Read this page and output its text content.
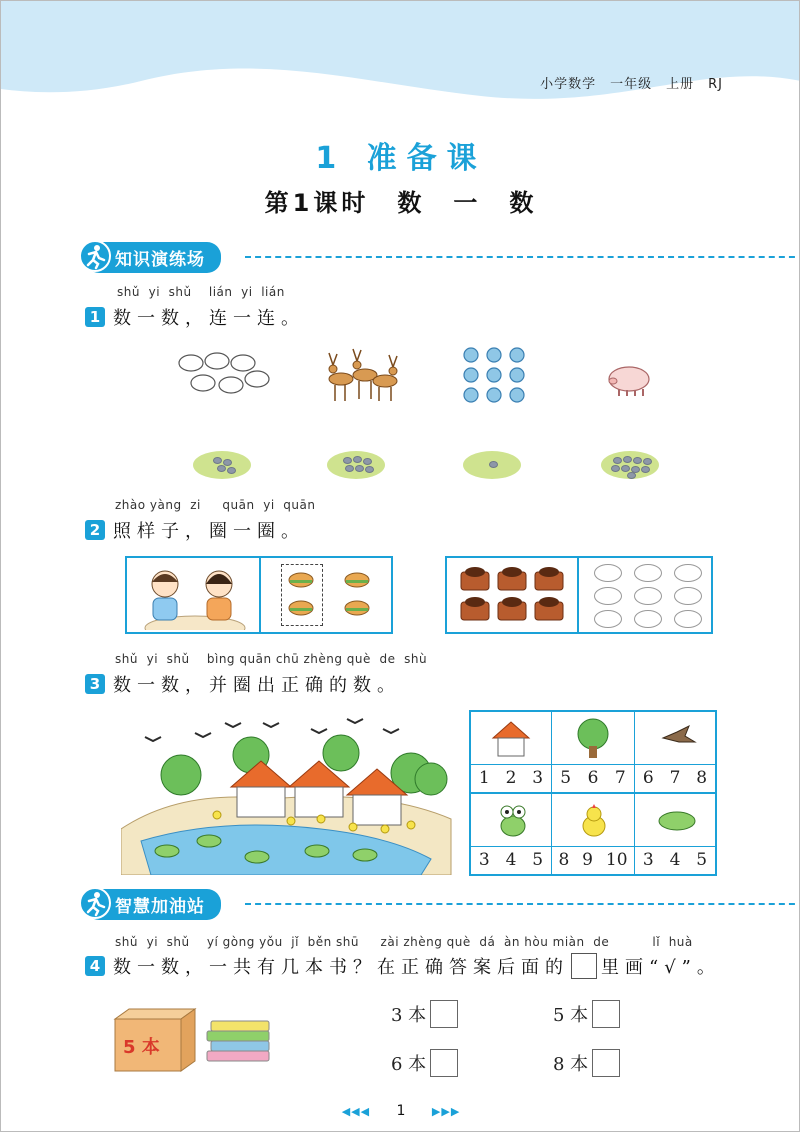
小学数学　一年级　上册　RJ
1 准备课
第1课时　数　一　数
知识演练场
shǔ  yi  shǔ    lián  yi  lián
1 数一数，连一连。
zhào yàng  zi     quān  yi  quān
2 照样子，圈一圈。
shǔ  yi  shǔ    bìng quān chū zhèng què  de  shù
3 数一数，并圈出正确的数。
1 2 3 5 6 7 6 7 8
3 4 5 8 9 10 3 4 5
智慧加油站
shǔ  yi  shǔ    yí gòng yǒu  jǐ  běn shū     zài zhèng què  dá  àn hòu miàn  de          lǐ  huà
4 数一数，一共有几本书？在正确答案后面的 里画“√”。
5 本
3 本	5 本
6 本	8 本
◀◀◀ 1 ▶▶▶
